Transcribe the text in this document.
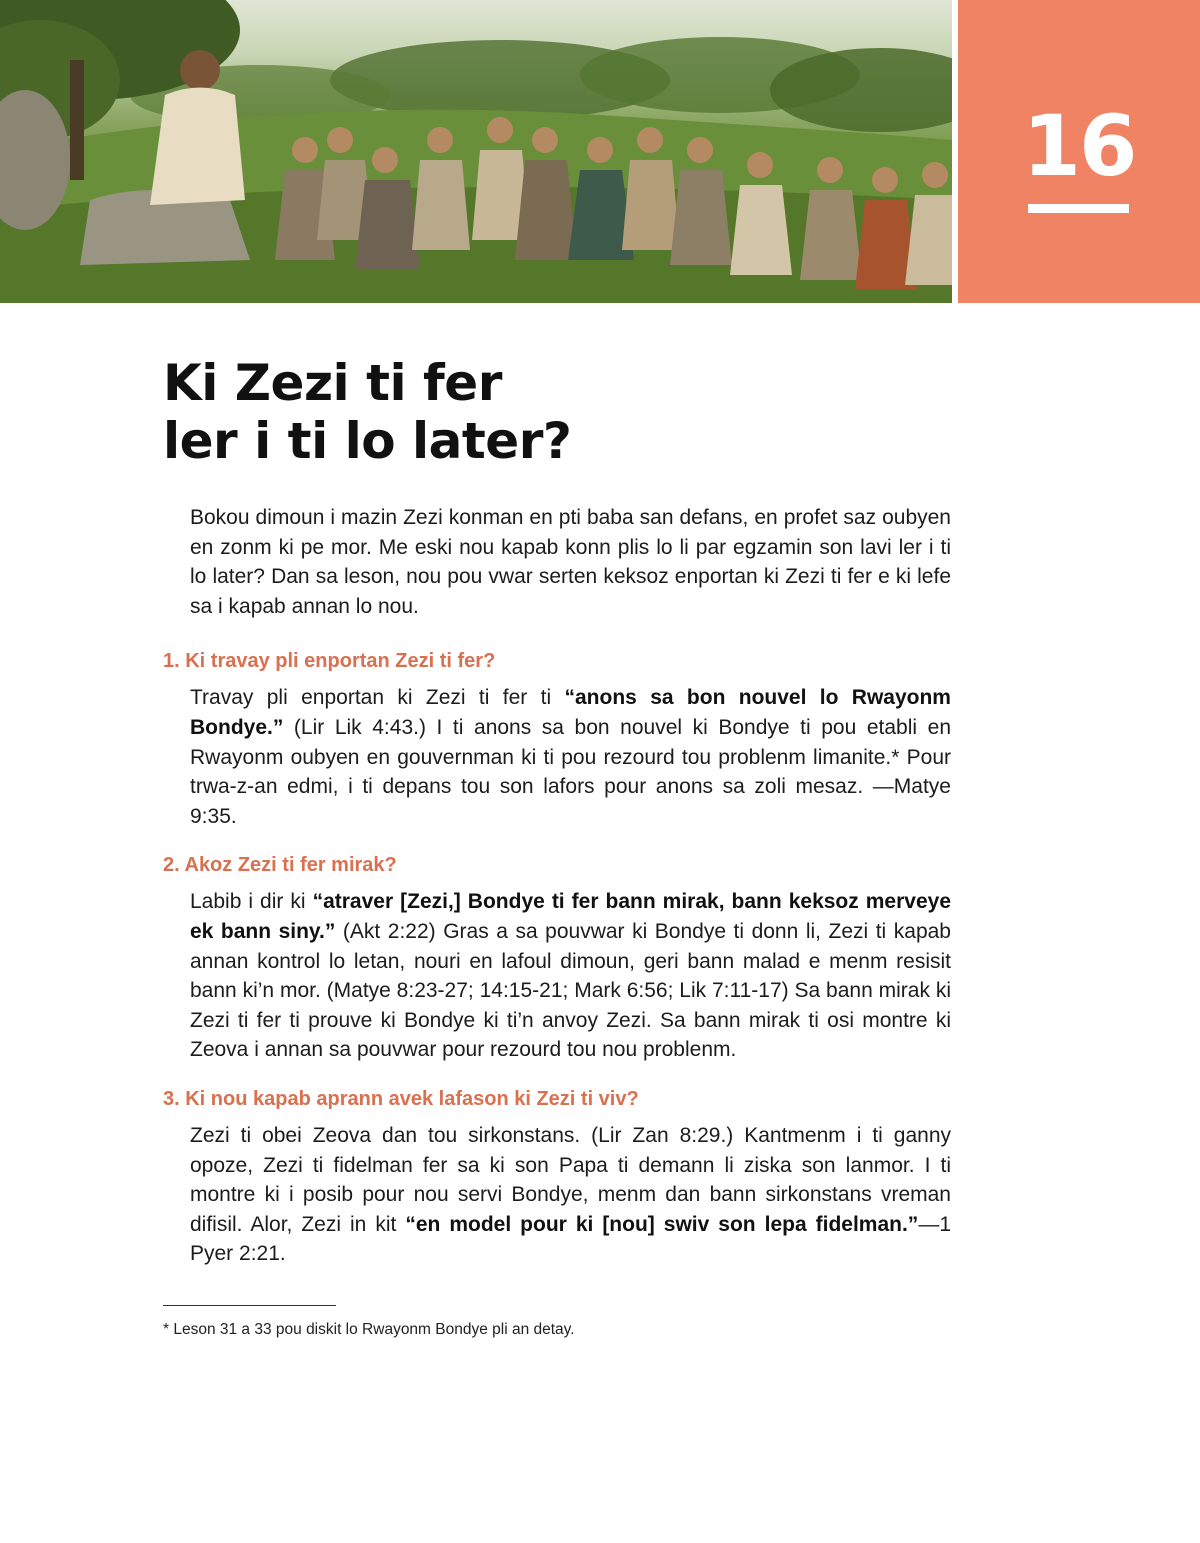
16
Ki Zezi ti fer
ler i ti lo later?

Bokou dimoun i mazin Zezi konman en pti baba san defans, en profet saz oubyen en zonm ki pe mor. Me eski nou kapab konn plis lo li par egzamin son lavi ler i ti lo later? Dan sa leson, nou pou vwar serten keksoz enportan ki Zezi ti fer e ki lefe sa i kapab annan lo nou.

1. Ki travay pli enportan Zezi ti fer?

Travay pli enportan ki Zezi ti fer ti “anons sa bon nouvel lo Rwayonm Bondye.” (Lir Lik 4:43.) I ti anons sa bon nouvel ki Bondye ti pou etabli en Rwayonm oubyen en gouvernman ki ti pou rezourd tou problenm limanite.* Pour trwa-z-an edmi, i ti depans tou son lafors pour anons sa zoli mesaz. —Matye 9:35.

2. Akoz Zezi ti fer mirak?

Labib i dir ki “atraver [Zezi,] Bondye ti fer bann mirak, bann keksoz merveye ek bann siny.” (Akt 2:22) Gras a sa pouvwar ki Bondye ti donn li, Zezi ti kapab annan kontrol lo letan, nouri en lafoul dimoun, geri bann malad e menm resisit bann ki’n mor. (Matye 8:23-27; 14:15-21; Mark 6:56; Lik 7:11-17) Sa bann mirak ki Zezi ti fer ti prouve ki Bondye ki ti’n anvoy Zezi. Sa bann mirak ti osi montre ki Zeova i annan sa pouvwar pour rezourd tou nou problenm.

3. Ki nou kapab aprann avek lafason ki Zezi ti viv?

Zezi ti obei Zeova dan tou sirkonstans. (Lir Zan 8:29.) Kantmenm i ti ganny opoze, Zezi ti fidelman fer sa ki son Papa ti demann li ziska son lanmor. I ti montre ki i posib pour nou servi Bondye, menm dan bann sirkonstans vreman difisil. Alor, Zezi in kit “en model pour ki [nou] swiv son lepa fidelman.”—1 Pyer 2:21.

* Leson 31 a 33 pou diskit lo Rwayonm Bondye pli an detay.
